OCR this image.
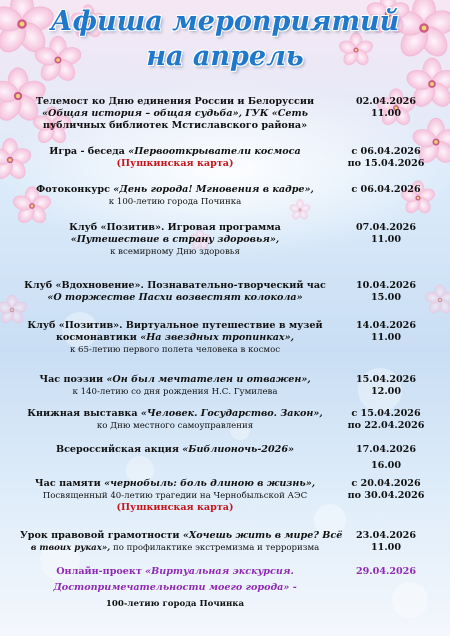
Афиша мероприятий
на апрель
Телемост ко Дню единения России и Белоруссии
«Общая история – общая судьба», ГУК «Сеть
публичных библиотек Мстиславского района»
02.04.2026
11.00
Игра - беседа «Первооткрыватели космоса
(Пушкинская карта)
с 06.04.2026
по 15.04.2026
Фотоконкурс «День города! Мгновения в кадре»,
к 100-летию города Починка
с 06.04.2026
Клуб «Позитив». Игровая программа
«Путешествие в страну здоровья»,
к всемирному Дню здоровья
07.04.2026
11.00
Клуб «Вдохновение». Познавательно-творческий час
«О торжестве Пасхи возвестят колокола»
10.04.2026
15.00
Клуб «Позитив». Виртуальное путешествие в музей
космонавтики «На звездных тропинках»,
к 65-летию первого полета человека в космос
14.04.2026
11.00
Час поэзии «Он был мечтателен и отважен»,
к 140-летию со дня рождения Н.С. Гумилева
15.04.2026
12.00
Книжная выставка «Человек. Государство. Закон»,
ко Дню местного самоуправления
с 15.04.2026
по 22.04.2026
Всероссийская акция «Библионочь-2026»	17.04.2026
16.00
Час памяти «чернобыль: боль длиною в жизнь»,
Посвященный 40-летию трагедии на Чернобыльской АЭС
(Пушкинская карта)
с 20.04.2026
по 30.04.2026
Урок правовой грамотности «Хочешь жить в мире? Всё
в твоих руках», по профилактике экстремизма и терроризма
23.04.2026
11.00
Онлайн-проект «Виртуальная экскурсия.
Достопримечательности моего города» -
100-летию города Починка
29.04.2026
